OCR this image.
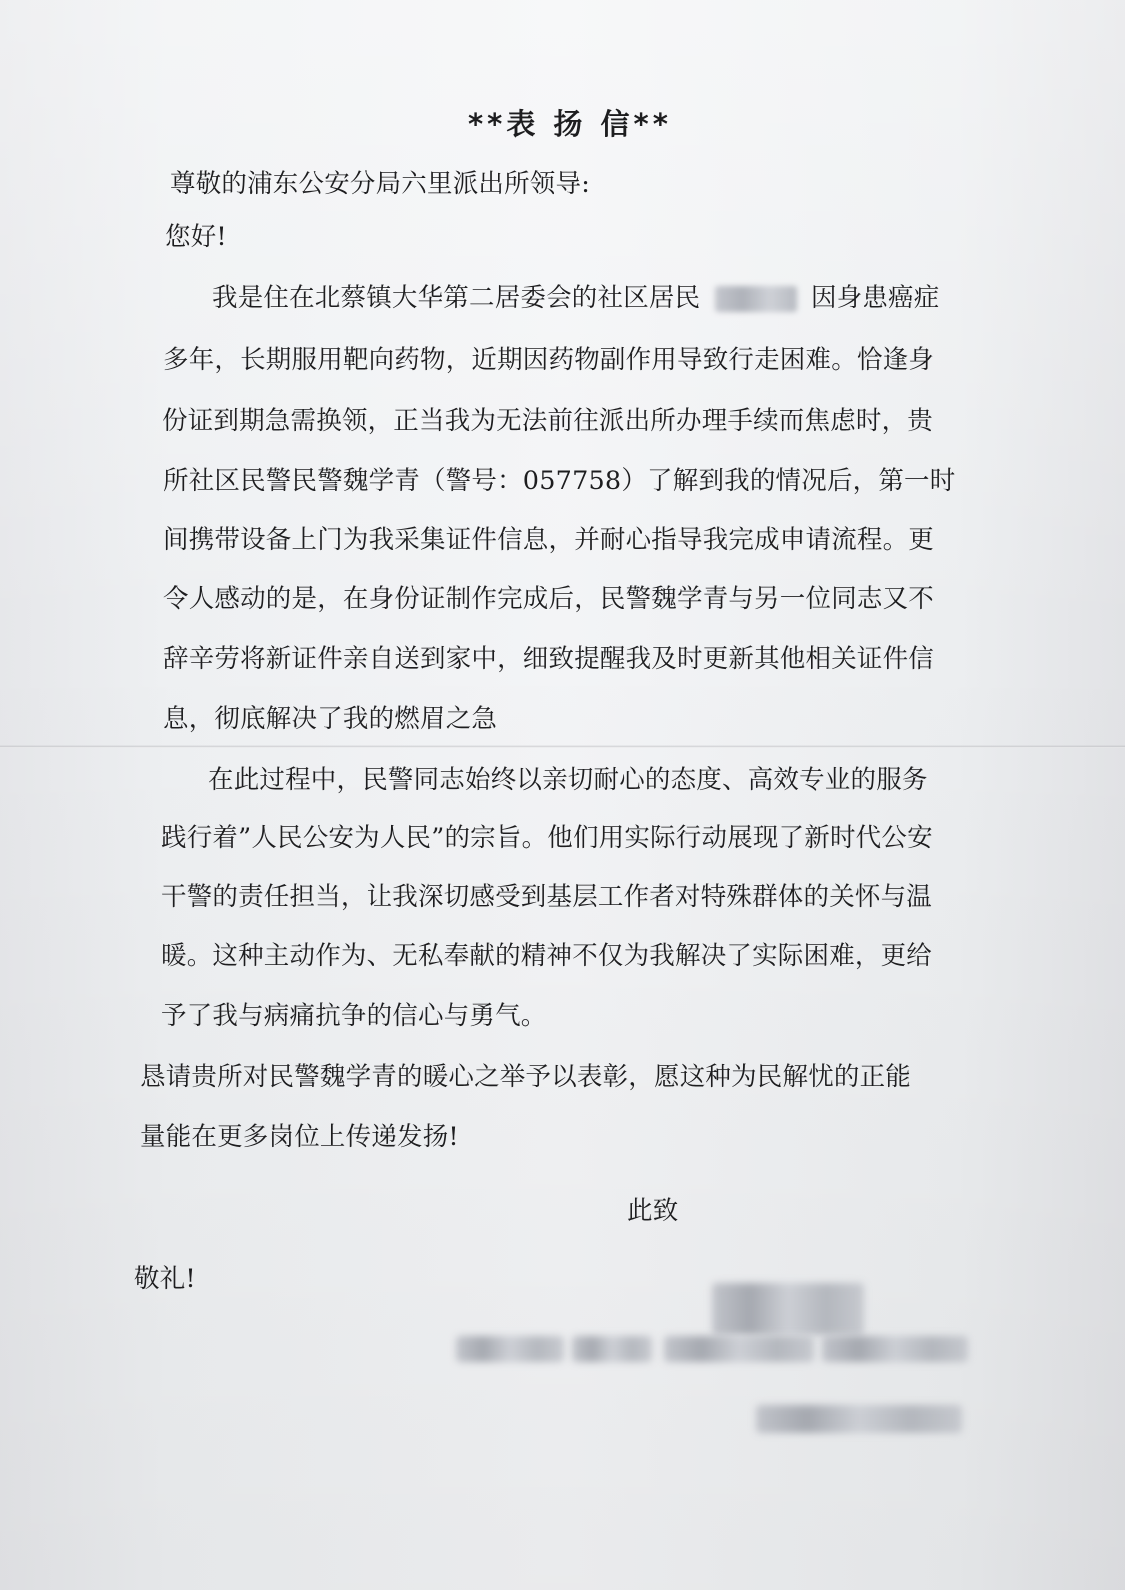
**表 扬 信**
尊敬的浦东公安分局六里派出所领导:
您好!
我是住在北蔡镇大华第二居委会的社区居民	因身患癌症
多年，长期服用靶向药物，近期因药物副作用导致行走困难。恰逢身
份证到期急需换领，正当我为无法前往派出所办理手续而焦虑时，贵
所社区民警民警魏学青（警号：057758）了解到我的情况后，第一时
间携带设备上门为我采集证件信息，并耐心指导我完成申请流程。更
令人感动的是，在身份证制作完成后，民警魏学青与另一位同志又不
辞辛劳将新证件亲自送到家中，细致提醒我及时更新其他相关证件信
息，彻底解决了我的燃眉之急
在此过程中，民警同志始终以亲切耐心的态度、高效专业的服务
践行着”人民公安为人民”的宗旨。他们用实际行动展现了新时代公安
干警的责任担当，让我深切感受到基层工作者对特殊群体的关怀与温
暖。这种主动作为、无私奉献的精神不仅为我解决了实际困难，更给
予了我与病痛抗争的信心与勇气。
恳请贵所对民警魏学青的暖心之举予以表彰，愿这种为民解忧的正能
量能在更多岗位上传递发扬!
此致
敬礼!
